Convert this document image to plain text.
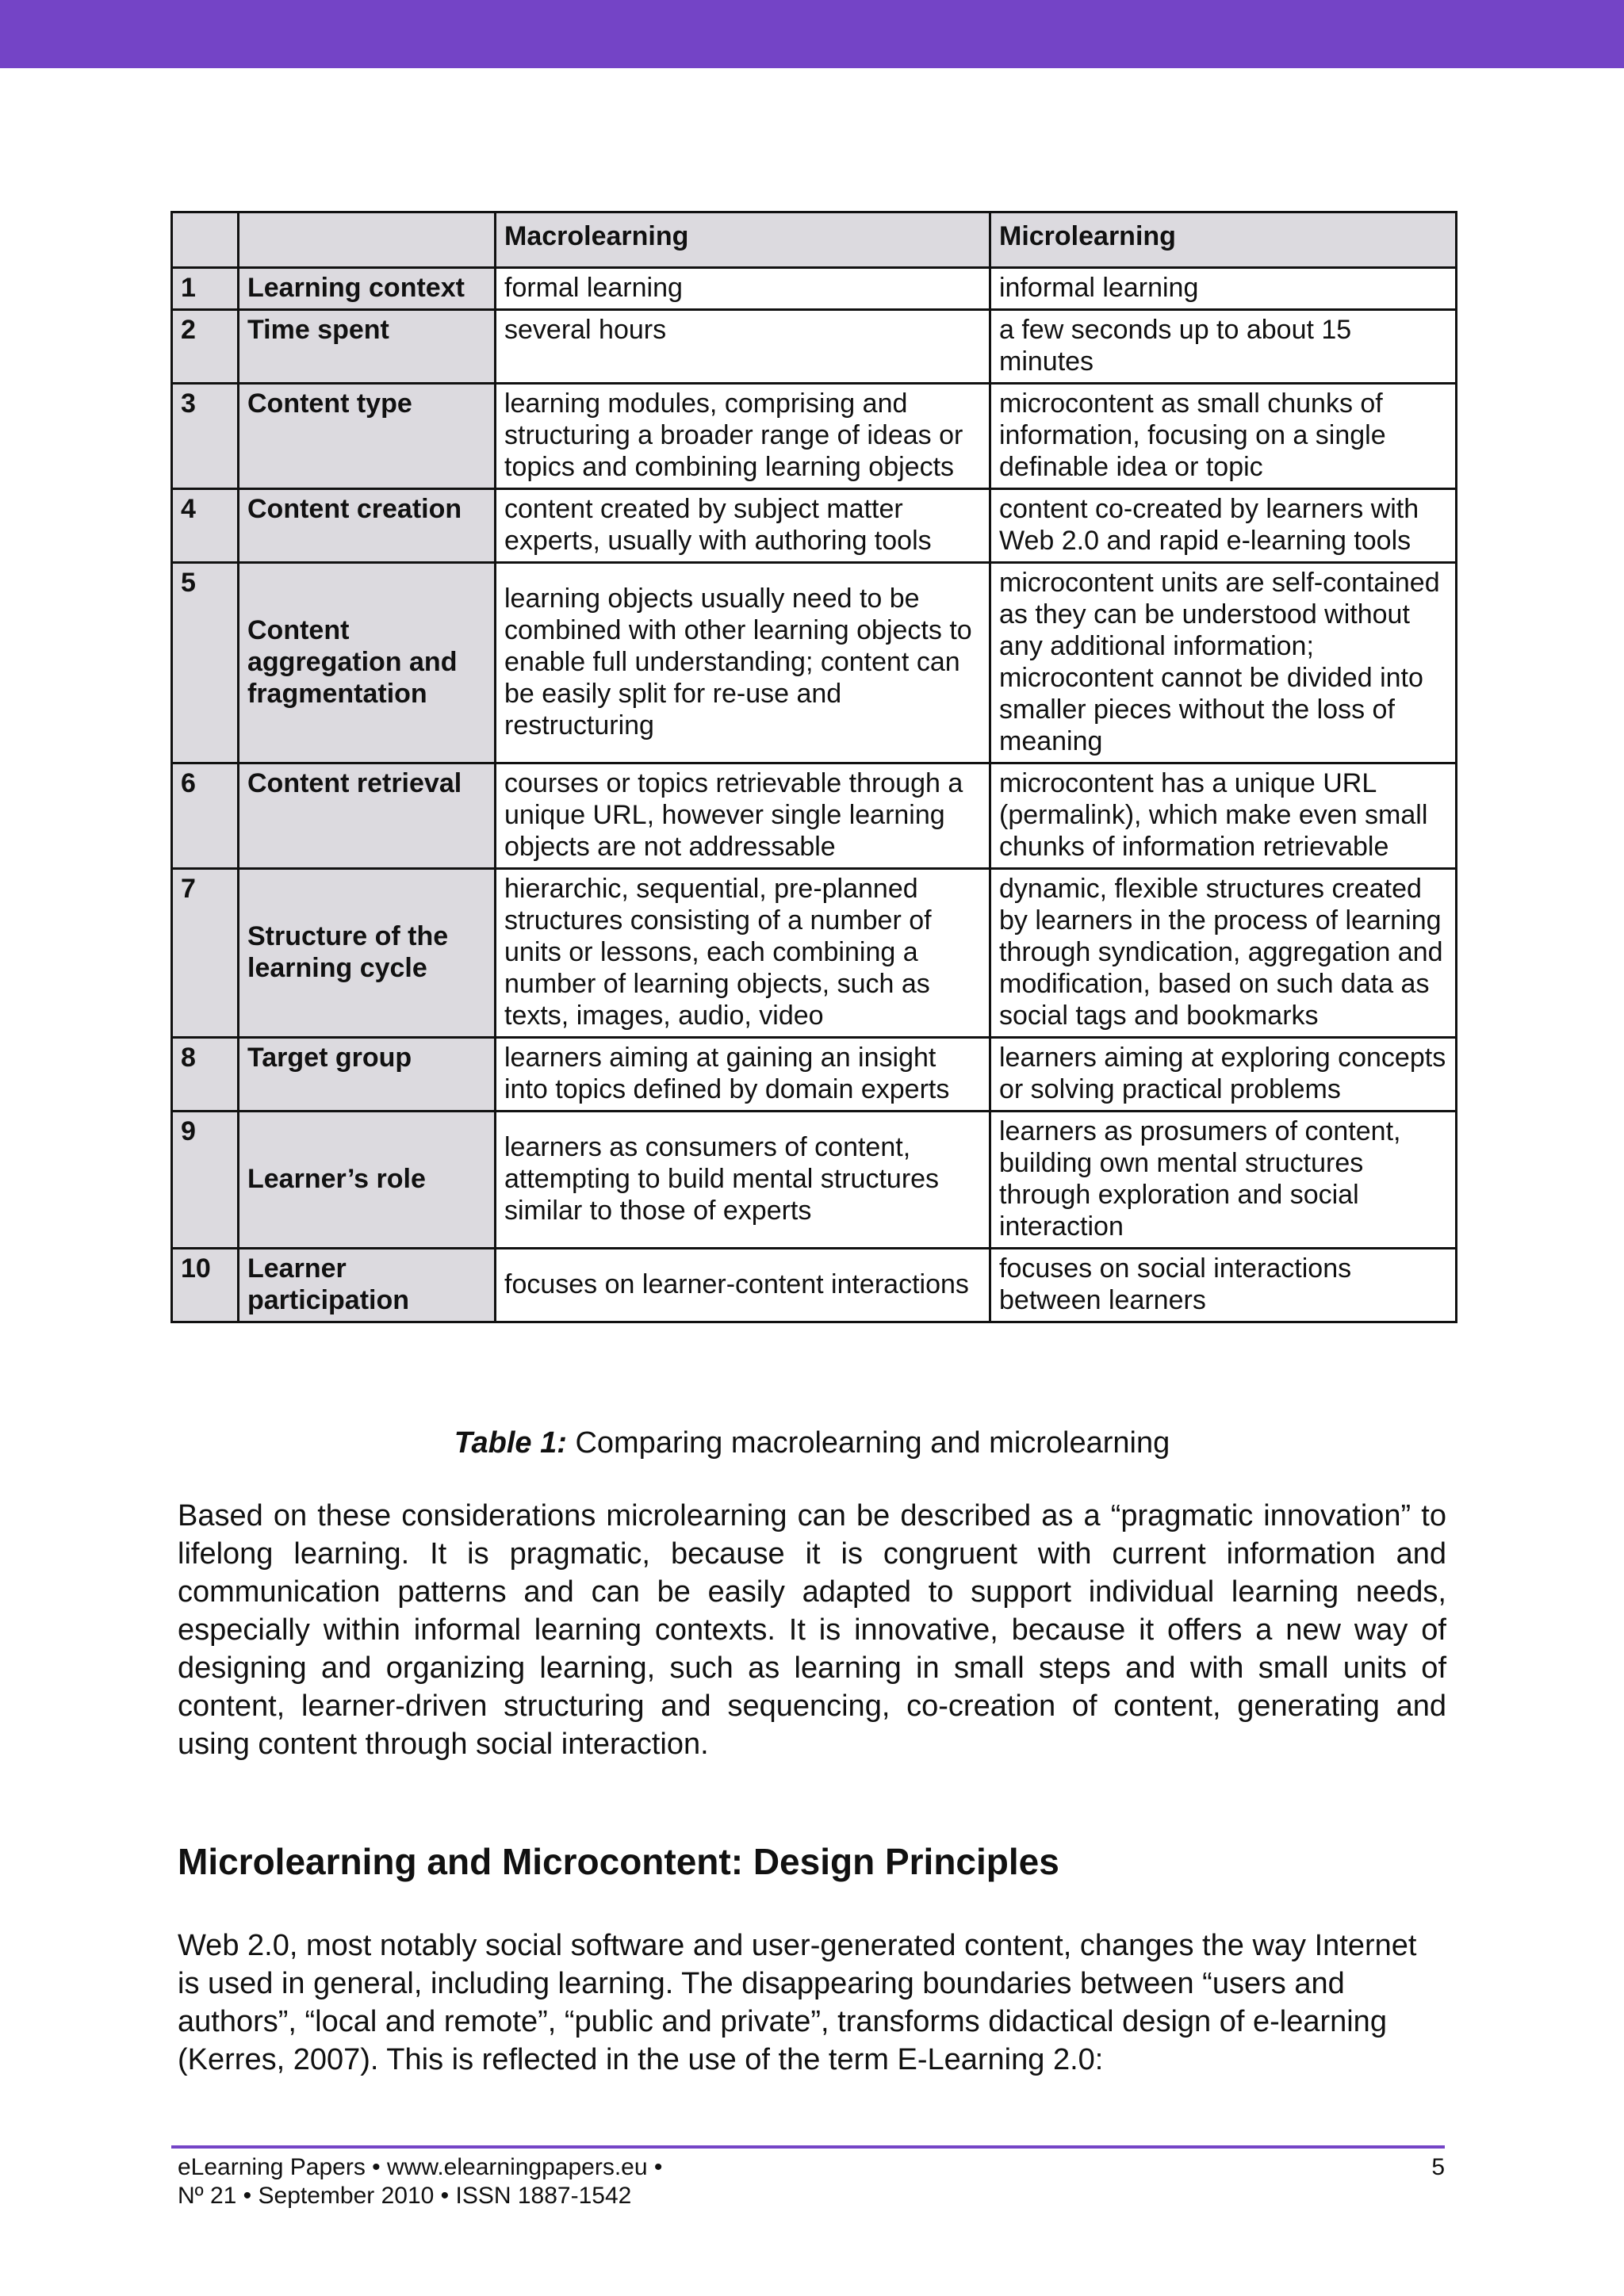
		Macrolearning	Microlearning
1	Learning context	formal learning	informal learning
2	Time spent	several hours	a few seconds up to about 15 minutes
3	Content type	learning modules, comprising and structuring a broader range of ideas or topics and combining learning objects	microcontent as small chunks of information, focusing on a single definable idea or topic
4	Content creation	content created by subject matter experts, usually with authoring tools	content co-created by learners with Web 2.0 and rapid e-learning tools
5	Content aggregation and fragmentation	learning objects usually need to be combined with other learning objects to enable full understanding; content can be easily split for re-use and restructuring	microcontent units are self-contained as they can be understood without any additional information; microcontent cannot be divided into smaller pieces without the loss of meaning
6	Content retrieval	courses or topics retrievable through a unique URL, however single learning objects are not addressable	microcontent has a unique URL (permalink), which make even small chunks of information retrievable
7	Structure of the learning cycle	hierarchic, sequential, pre-planned structures consisting of a number of units or lessons, each combining a number of learning objects, such as texts, images, audio, video	dynamic, flexible structures created by learners in the process of learning through syndication, aggregation and modification, based on such data as social tags and bookmarks
8	Target group	learners aiming at gaining an insight into topics defined by domain experts	learners aiming at exploring concepts or solving practical problems
9	Learner’s role	learners as consumers of content, attempting to build mental structures similar to those of experts	learners as prosumers of content, building own mental structures through exploration and social interaction
10	Learner participation	focuses on learner-content interactions	focuses on social interactions between learners
Table 1: Comparing macrolearning and microlearning

Based on these considerations microlearning can be described as a “pragmatic innovation” to lifelong learning. It is pragmatic, because it is congruent with current information and communication patterns and can be easily adapted to support individual learning needs, especially within informal learning contexts. It is innovative, because it offers a new way of designing and organizing learning, such as learning in small steps and with small units of content, learner-driven structuring and sequencing, co-creation of content, generating and using content through social interaction.

Microlearning and Microcontent: Design Principles

Web 2.0, most notably social software and user-generated content, changes the way Internet is used in general, including learning. The disappearing boundaries between “users and authors”, “local and remote”, “public and private”, transforms didactical design of e-learning (Kerres, 2007). This is reflected in the use of the term E-Learning 2.0:

eLearning Papers • www.elearningpapers.eu •

Nº 21 • September 2010 • ISSN 1887-1542

5
